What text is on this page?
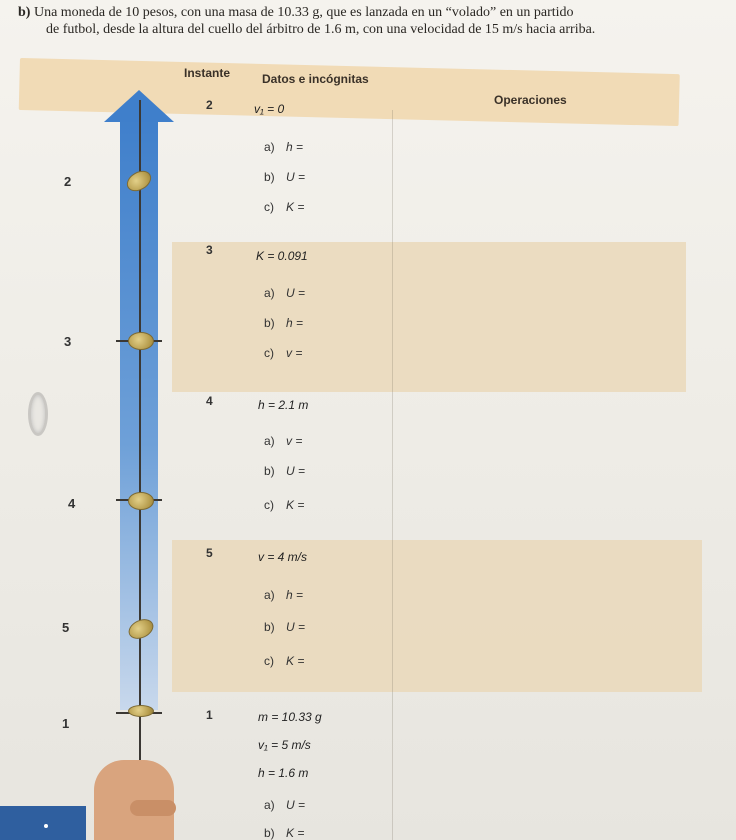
b) Una moneda de 10 pesos, con una masa de 10.33 g, que es lanzada en un “volado” en un partido
de futbol, desde la altura del cuello del árbitro de 1.6 m, con una velocidad de 15 m/s hacia arriba.
Instante	Datos e incógnitas
Operaciones
2
3
4
5
1
2	v₁ = 0
a) h =
b) U =
c) K =
3	K = 0.091
a) U =
b) h =
c) v =
4	h = 2.1 m
a) v =
b) U =
c) K =
5	v = 4 m/s
a) h =
b) U =
c) K =
1	m = 10.33 g
v₁ = 5 m/s
h = 1.6 m
a) U =
b) K =
